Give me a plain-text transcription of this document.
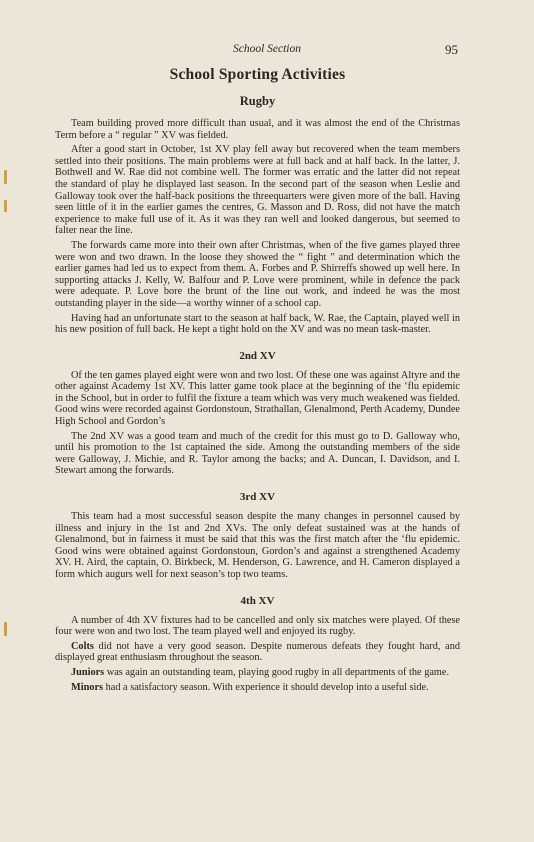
School Section	95
School Sporting Activities
Rugby

Team building proved more difficult than usual, and it was almost the end of the Christmas Term before a “ regular ” XV was fielded.

After a good start in October, 1st XV play fell away but recovered when the team members settled into their positions. The main problems were at full back and at half back. In the latter, J. Bothwell and W. Rae did not combine well. The former was erratic and the latter did not repeat the standard of play he displayed last season. In the second part of the season when Leslie and Galloway took over the half-back positions the threequarters were given more of the ball. Having seen little of it in the earlier games the centres, G. Masson and D. Ross, did not have the match experience to make full use of it. As it was they ran well and looked dangerous, but seemed to falter near the line.

The forwards came more into their own after Christmas, when of the five games played three were won and two drawn. In the loose they showed the “ fight ” and determination which the earlier games had led us to expect from them. A. Forbes and P. Shirreffs showed up well here. In supporting attacks J. Kelly, W. Balfour and P. Love were prominent, while in defence the pack were adequate. P. Love bore the brunt of the line out work, and indeed he was the most outstanding player in the side—a worthy winner of a school cap.

Having had an unfortunate start to the season at half back, W. Rae, the Captain, played well in his new position of full back. He kept a tight hold on the XV and was no mean task-master.

2nd XV

Of the ten games played eight were won and two lost. Of these one was against Altyre and the other against Academy 1st XV. This latter game took place at the beginning of the ‘flu epidemic in the School, but in order to fulfil the fixture a team which was very much weakened was fielded. Good wins were recorded against Gordonstoun, Strathallan, Glenalmond, Perth Academy, Dundee High School and Gordon’s

The 2nd XV was a good team and much of the credit for this must go to D. Galloway who, until his promotion to the 1st captained the side. Among the outstanding members of the side were Galloway, J. Michie, and R. Taylor among the backs; and A. Duncan, I. Davidson, and I. Stewart among the forwards.

3rd XV

This team had a most successful season despite the many changes in personnel caused by illness and injury in the 1st and 2nd XVs. The only defeat sustained was at the hands of Glenalmond, but in fairness it must be said that this was the first match after the ‘flu epidemic. Good wins were obtained against Gordonstoun, Gordon’s and against a strengthened Academy XV. H. Aird, the captain, O. Birkbeck, M. Henderson, G. Lawrence, and H. Cameron displayed a form which augurs well for next season’s top two teams.

4th XV

A number of 4th XV fixtures had to be cancelled and only six matches were played. Of these four were won and two lost. The team played well and enjoyed its rugby.

Colts did not have a very good season. Despite numerous defeats they fought hard, and displayed great enthusiasm throughout the season.

Juniors was again an outstanding team, playing good rugby in all departments of the game.

Minors had a satisfactory season. With experience it should develop into a useful side.
